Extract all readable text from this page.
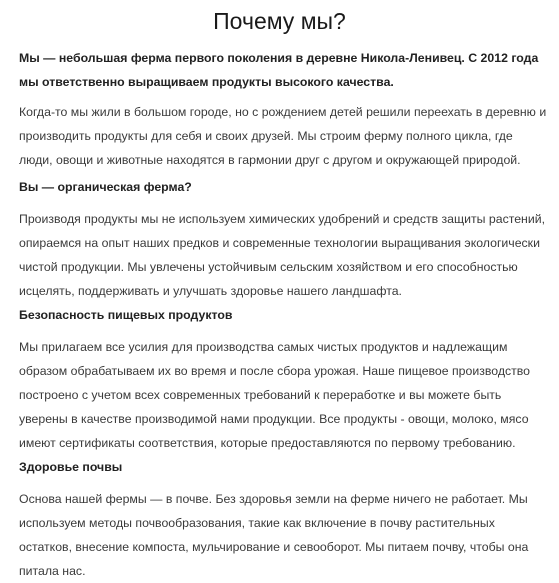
Почему мы?

Мы — небольшая ферма первого поколения в деревне Никола-Ленивец. С 2012 года мы ответственно выращиваем продукты высокого качества.

Когда-то мы жили в большом городе, но с рождением детей решили переехать в деревню и производить продукты для себя и своих друзей. Мы строим ферму полного цикла, где люди, овощи и животные находятся в гармонии друг с другом и окружающей природой.

Вы — органическая ферма?

Производя продукты мы не используем химических удобрений и средств защиты растений, опираемся на опыт наших предков и современные технологии выращивания экологически чистой продукции. Мы увлечены устойчивым сельским хозяйством и его способностью исцелять, поддерживать и улучшать здоровье нашего ландшафта.

Безопасность пищевых продуктов

Мы прилагаем все усилия для производства самых чистых продуктов и надлежащим образом обрабатываем их во время и после сбора урожая. Наше пищевое производство построено с учетом всех современных требований к переработке и вы можете быть уверены в качестве производимой нами продукции. Все продукты - овощи, молоко, мясо имеют сертификаты соответствия, которые предоставляются по первому требованию.

Здоровье почвы

Основа нашей фермы — в почве. Без здоровья земли на ферме ничего не работает. Мы используем методы почвообразования, такие как включение в почву растительных остатков, внесение компоста, мульчирование и севооборот. Мы питаем почву, чтобы она питала нас.
